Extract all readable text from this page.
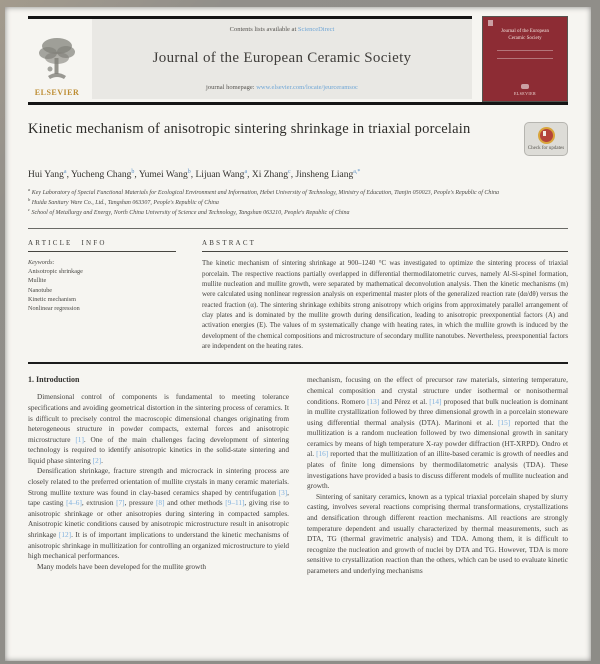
ELSEVIER
Contents lists available at ScienceDirect
Journal of the European Ceramic Society
journal homepage: www.elsevier.com/locate/jeurceramsoc
Journal of the European Ceramic Society
ELSEVIER
Kinetic mechanism of anisotropic sintering shrinkage in triaxial porcelain
Check for updates
Hui Yang$^a$, Yucheng Chang$^b$, Yumei Wang$^b$, Lijuan Wang$^a$, Xi Zhang$^c$, Jinsheng Liang$^{a,*}$
$^a$ Key Laboratory of Special Functional Materials for Ecological Environment and Information, Hebei University of Technology, Ministry of Education, Tianjin 050023, People's Republic of China
$^b$ Huida Sanitary Ware Co., Ltd., Tangshan 063307, People's Republic of China
$^c$ School of Metallurgy and Energy, North China University of Science and Technology, Tangshan 063210, People's Republic of China
ARTICLE INFO
Keywords:
Anisotropic shrinkage
Mullite
Nanotube
Kinetic mechanism
Nonlinear regression
ABSTRACT
The kinetic mechanism of sintering shrinkage at 900–1240 °C was investigated to optimize the sintering process of triaxial porcelain. The respective reactions partially overlapped in differential thermodilatometric curves, namely Al-Si-spinel formation, mullite nucleation and mullite growth, were separated by mathematical deconvolution analysis. Then the kinetic mechanisms (m) were calculated using nonlinear regression analysis on experimental master plots of the generalized reaction rate (dα/dθ) versus the reacted fraction (α). The sintering shrinkage exhibits strong anisotropy which origins from approximately parallel arrangement of clay plates and is dominated by the mullite growth during densification, leading to anisotropic preexponential factors (A) and activation energies (E). The values of m systematically change with heating rates, in which the mullite growth is induced by the development of the chemical compositions and microstructure of secondary mullite nanotubes. Nevertheless, preexponential factors are independent on the heating rates.
1. Introduction

Dimensional control of components is fundamental to meeting tolerance specifications and avoiding geometrical distortion in the sintering process of ceramics. It is difficult to precisely control the macroscopic dimensional changes originating from heterogeneous structure in powder compacts, external forces and anisotropic microstructure [1]. One of the main challenges facing development of sintering technology is required to identify anisotropic kinetics in the solid-state sintering and liquid phase sintering [2].

Densification shrinkage, fracture strength and microcrack in sintering process are closely related to the preferred orientation of mullite crystals in many ceramic materials. Strong mullite texture was found in clay-based ceramics shaped by centrifugation [3], tape casting [4–6], extrusion [7], pressure [8] and other methods [9–11], giving rise to anisotropic shrinkage or other anisotropies during sintering in compacted samples. Anisotropic kinetic conditions caused by anisotropic microstructure result in anisotropic shrinkage [12]. It is of important implications to understand the kinetic mechanisms of anisotropic shrinkage in mullitization for controlling an organized microstructure to yield high mechanical performances.

Many models have been developed for the mullite growth

mechanism, focusing on the effect of precursor raw materials, sintering temperature, chemical composition and crystal structure under isothermal or nonisothermal conditions. Romero [13] and Pérez et al. [14] proposed that bulk nucleation is dominant in mullite crystallization followed by three dimensional growth in a porcelain stoneware using differential thermal analysis (DTA). Marinoni et al. [15] reported that the mullitization is a random nucleation followed by two dimensional growth in sanitary ceramics by means of high temperature X-ray powder diffraction (HT-XRPD). Ondro et al. [16] reported that the mullitization of an illite-based ceramic is growth of needles and plates of finite long dimensions by thermodilatometric analysis (TDA). These investigations have provided a basis to discuss different models of mullite nucleation and growth.

Sintering of sanitary ceramics, known as a typical triaxial porcelain shaped by slurry casting, involves several reactions comprising thermal transformations, crystallizations and densification through different reaction mechanisms. All reactions are strongly temperature dependent and usually characterized by thermal measurements, such as DTA, TG (thermal gravimetric analysis) and TDA. Among them, it is difficult to recognize the nucleation and growth of nuclei by DTA and TG. However, TDA is more sensitive to crystallization reaction than the others, which can be used to evaluate kinetic parameters and underlying mechanisms
